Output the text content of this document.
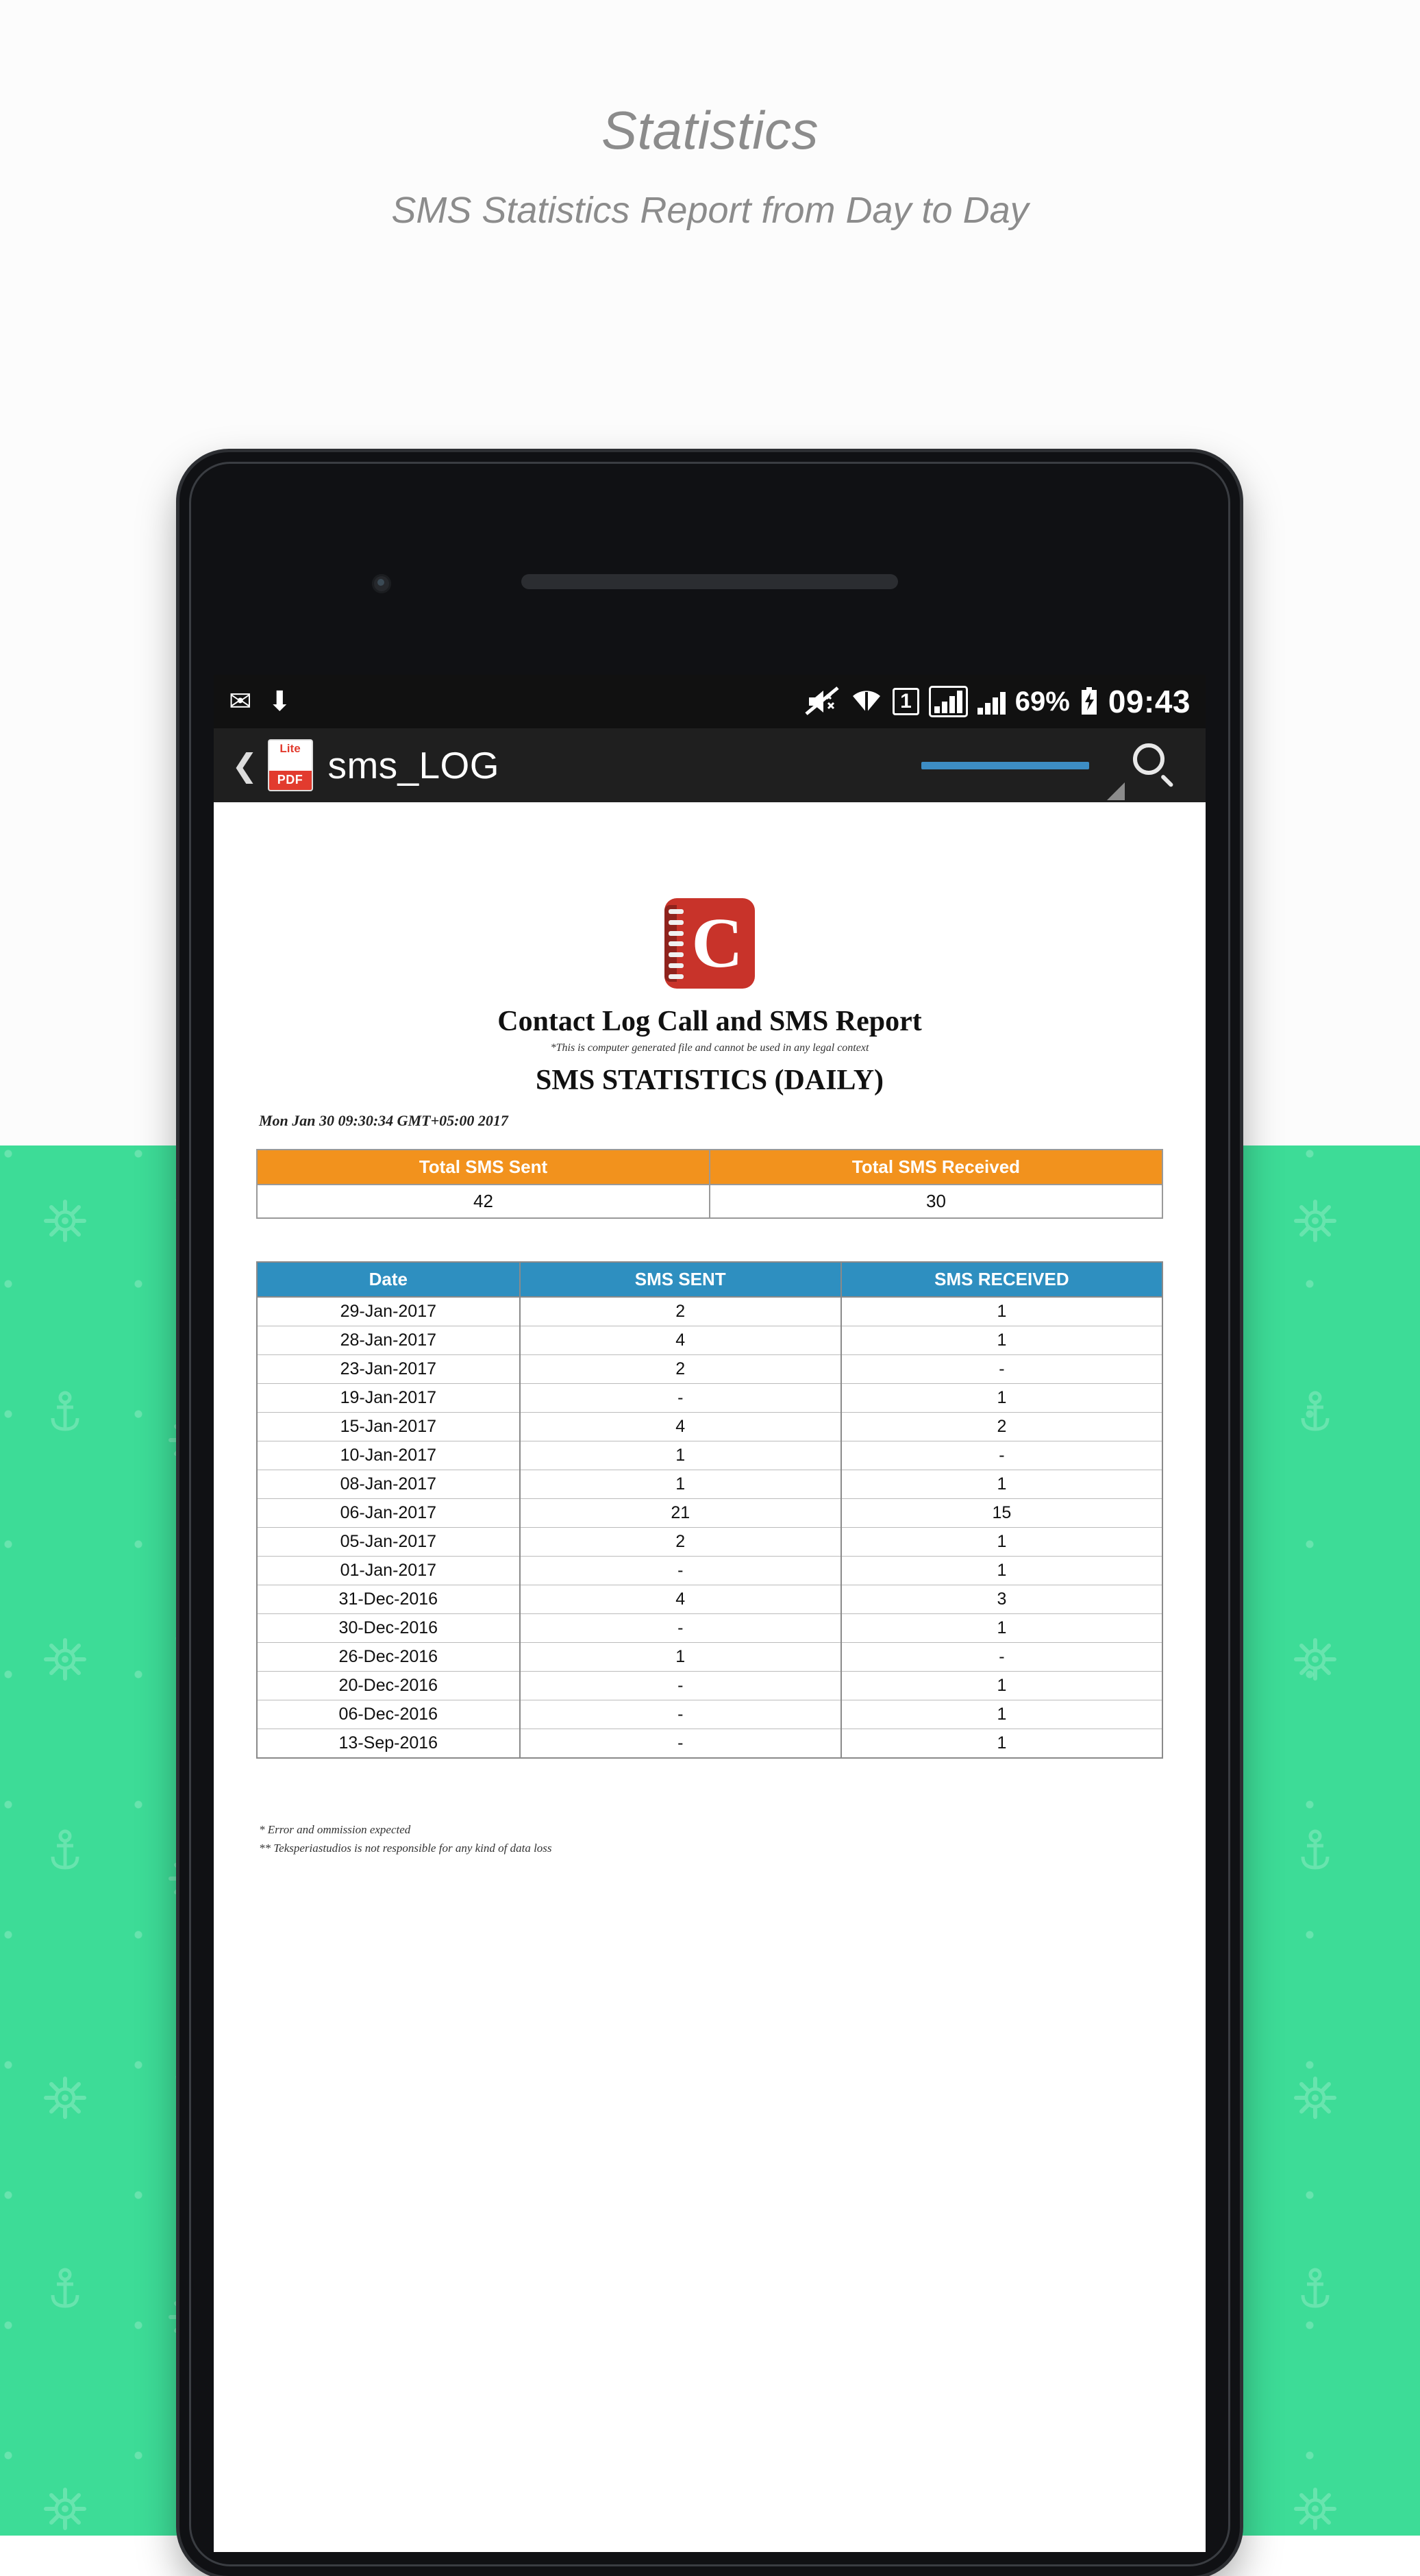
Statistics
SMS Statistics Report from Day to Day
✉ ⬇	1	69% 09:43
❮	Lite
PDF sms_LOG
C
Contact Log Call and SMS Report
*This is computer generated file and cannot be used in any legal context
SMS STATISTICS (DAILY)
Mon Jan 30 09:30:34 GMT+05:00 2017
Total SMS Sent	Total SMS Received
42	30
Date	SMS SENT	SMS RECEIVED
29-Jan-2017	2	1
28-Jan-2017	4	1
23-Jan-2017	2	-
19-Jan-2017	-	1
15-Jan-2017	4	2
10-Jan-2017	1	-
08-Jan-2017	1	1
06-Jan-2017	21	15
05-Jan-2017	2	1
01-Jan-2017	-	1
31-Dec-2016	4	3
30-Dec-2016	-	1
26-Dec-2016	1	-
20-Dec-2016	-	1
06-Dec-2016	-	1
13-Sep-2016	-	1
* Error and ommission expected
** Teksperiastudios is not responsible for any kind of data loss
